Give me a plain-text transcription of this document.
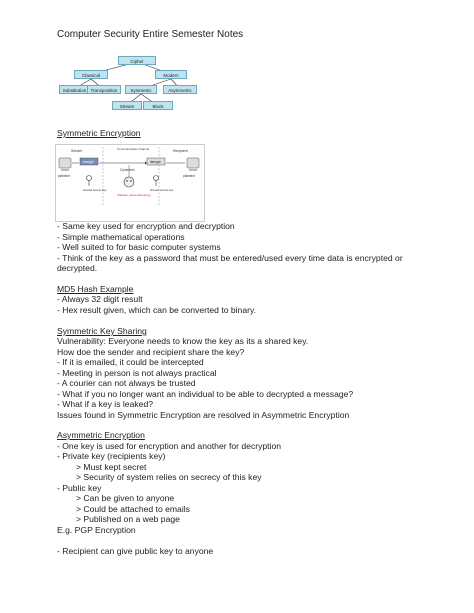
Computer Security Entire Semester Notes
Cipher
Classical	Modern
Substitution Transposition	Symmetric	Asymmetric
Stream	Block
Symmetric Encryption
Sender	Communication channel	Recipient
plaintext	plaintext
encrypt	decrypt
Ciphertext
shared secret key	shared secret key
Attacker (eavesdropping)
- Same key used for encryption and decryption
- Simple mathematical operations
- Well suited to for basic computer systems
- Think of the key as a password that must be entered/used every time data is encrypted or
decrypted.
MD5 Hash Example
- Always 32 digit result
- Hex result given, which can be converted to binary.
Symmetric Key Sharing
Vulnerability: Everyone needs to know the key as its a shared key.
How doe the sender and recipient share the key?
- If it is emailed, it could be intercepted
- Meeting in person is not always practical
- A courier can not always be trusted
- What if you no longer want an individual to be able to decrypted a message?
- What if a key is leaked?
Issues found in Symmetric Encryption are resolved in Asymmetric Encryption
Asymmetric Encryption
- One key is used for encryption and another for decryption
- Private key (recipients key)
> Must kept secret
> Security of system relies on secrecy of this key
- Public key
> Can be given to anyone
> Could be attached to emails
> Published on a web page
E.g. PGP Encryption
- Recipient can give public key to anyone
